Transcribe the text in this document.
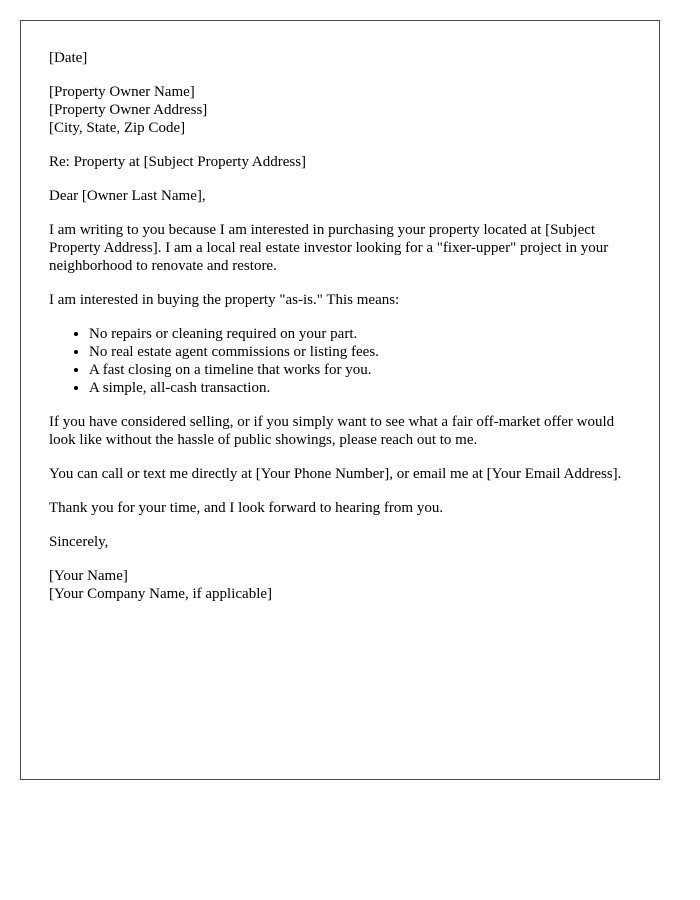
[Date]

[Property Owner Name]
[Property Owner Address]
[City, State, Zip Code]

Re: Property at [Subject Property Address]

Dear [Owner Last Name],

I am writing to you because I am interested in purchasing your property located at [Subject Property Address]. I am a local real estate investor looking for a "fixer-upper" project in your neighborhood to renovate and restore.

I am interested in buying the property "as-is." This means:

• No repairs or cleaning required on your part.
• No real estate agent commissions or listing fees.
• A fast closing on a timeline that works for you.
• A simple, all-cash transaction.

If you have considered selling, or if you simply want to see what a fair off-market offer would look like without the hassle of public showings, please reach out to me.

You can call or text me directly at [Your Phone Number], or email me at [Your Email Address].

Thank you for your time, and I look forward to hearing from you.

Sincerely,

[Your Name]
[Your Company Name, if applicable]
